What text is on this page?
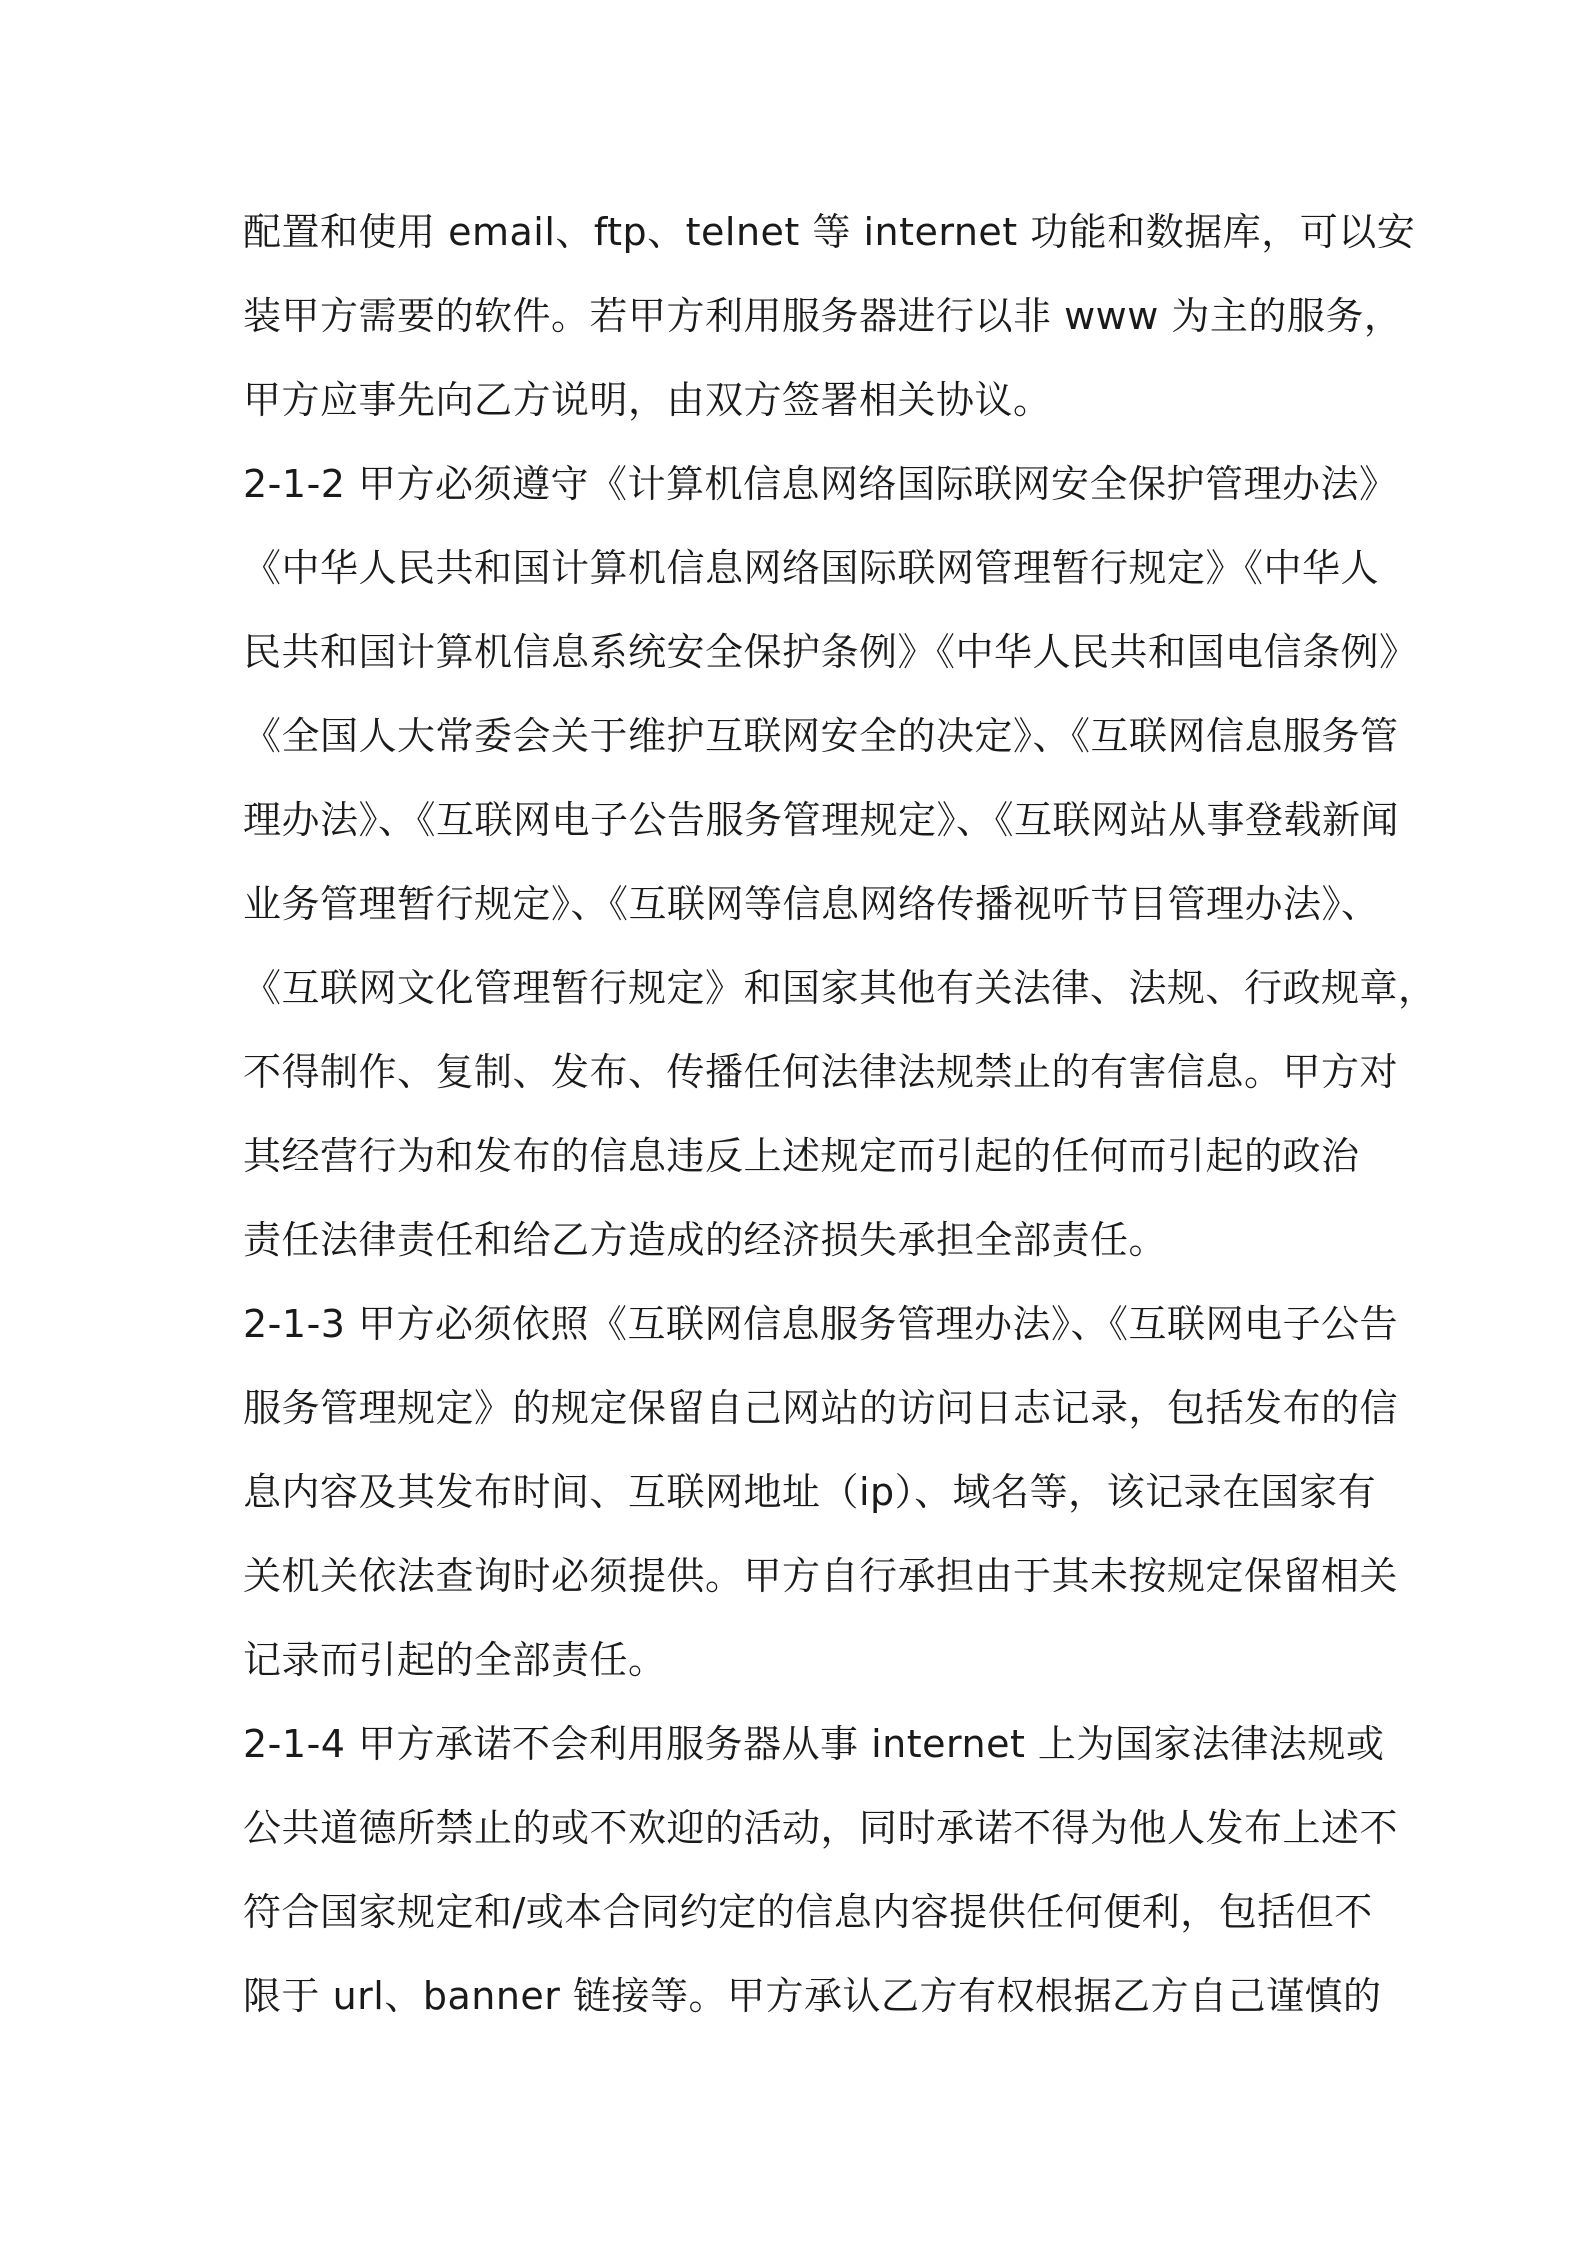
配置和使用 email、ftp、telnet 等 internet 功能和数据库，可以安
装甲方需要的软件。若甲方利用服务器进行以非 www 为主的服务，
甲方应事先向乙方说明，由双方签署相关协议。
2-1-2 甲方必须遵守《计算机信息网络国际联网安全保护管理办法》
《中华人民共和国计算机信息网络国际联网管理暂行规定》《中华人
民共和国计算机信息系统安全保护条例》《中华人民共和国电信条例》
《全国人大常委会关于维护互联网安全的决定》、《互联网信息服务管
理办法》、《互联网电子公告服务管理规定》、《互联网站从事登载新闻
业务管理暂行规定》、《互联网等信息网络传播视听节目管理办法》、
《互联网文化管理暂行规定》和国家其他有关法律、法规、行政规章，
不得制作、复制、发布、传播任何法律法规禁止的有害信息。甲方对
其经营行为和发布的信息违反上述规定而引起的任何而引起的政治
责任法律责任和给乙方造成的经济损失承担全部责任。
2-1-3 甲方必须依照《互联网信息服务管理办法》、《互联网电子公告
服务管理规定》的规定保留自己网站的访问日志记录，包括发布的信
息内容及其发布时间、互联网地址（ip）、域名等，该记录在国家有
关机关依法查询时必须提供。甲方自行承担由于其未按规定保留相关
记录而引起的全部责任。
2-1-4 甲方承诺不会利用服务器从事 internet 上为国家法律法规或
公共道德所禁止的或不欢迎的活动，同时承诺不得为他人发布上述不
符合国家规定和/或本合同约定的信息内容提供任何便利，包括但不
限于 url、banner 链接等。甲方承认乙方有权根据乙方自己谨慎的
